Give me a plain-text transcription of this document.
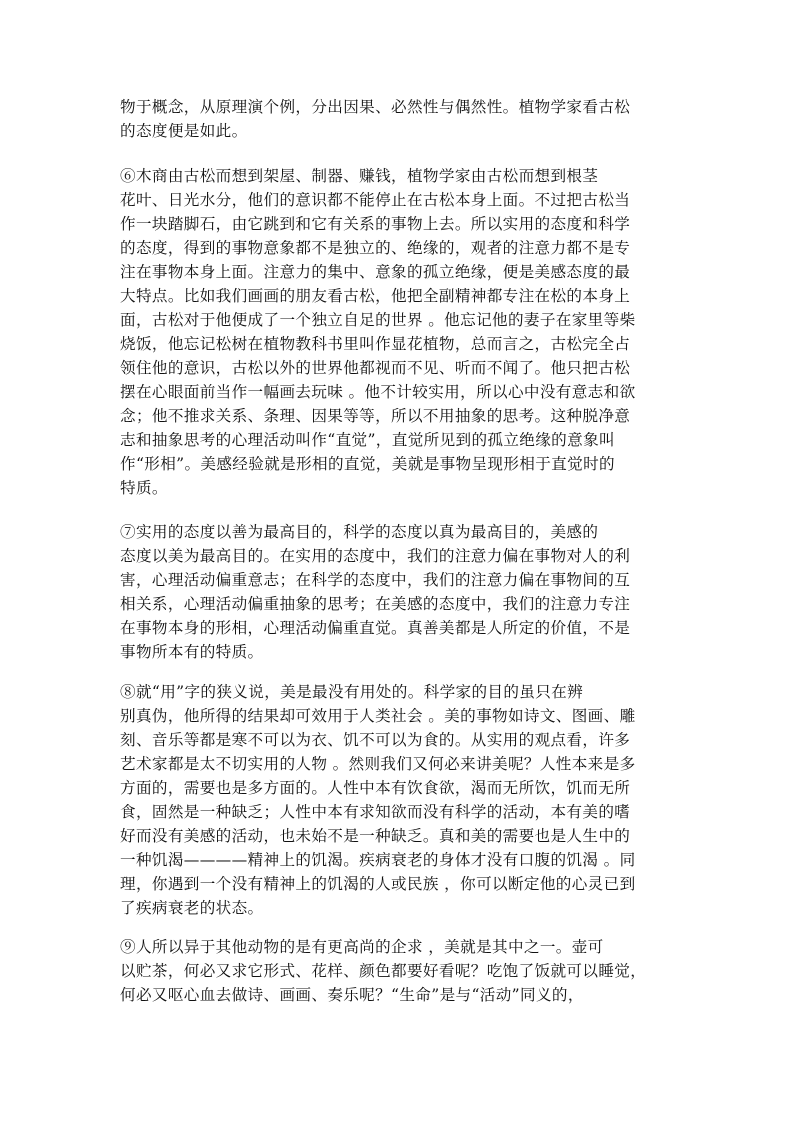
物于概念，从原理演个例，分出因果、必然性与偶然性。植物学家看古松
的态度便是如此。
⑥木商由古松而想到架屋、制器、赚钱，植物学家由古松而想到根茎
花叶、日光水分，他们的意识都不能停止在古松本身上面。不过把古松当
作一块踏脚石，由它跳到和它有关系的事物上去。所以实用的态度和科学
的态度，得到的事物意象都不是独立的、绝缘的，观者的注意力都不是专
注在事物本身上面。注意力的集中、意象的孤立绝缘，便是美感态度的最
大特点。比如我们画画的朋友看古松，他把全副精神都专注在松的本身上
面，古松对于他便成了一个独立自足的世界 。他忘记他的妻子在家里等柴
烧饭，他忘记松树在植物教科书里叫作显花植物，总而言之，古松完全占
领住他的意识，古松以外的世界他都视而不见、听而不闻了。他只把古松
摆在心眼面前当作一幅画去玩味 。他不计较实用，所以心中没有意志和欲
念；他不推求关系、条理、因果等等，所以不用抽象的思考。这种脱净意
志和抽象思考的心理活动叫作“直觉”，直觉所见到的孤立绝缘的意象叫
作“形相”。美感经验就是形相的直觉，美就是事物呈现形相于直觉时的
特质。
⑦实用的态度以善为最高目的，科学的态度以真为最高目的，美感的
态度以美为最高目的。在实用的态度中，我们的注意力偏在事物对人的利
害，心理活动偏重意志；在科学的态度中，我们的注意力偏在事物间的互
相关系，心理活动偏重抽象的思考；在美感的态度中，我们的注意力专注
在事物本身的形相，心理活动偏重直觉。真善美都是人所定的价值，不是
事物所本有的特质。
⑧就“用”字的狭义说，美是最没有用处的。科学家的目的虽只在辨
别真伪，他所得的结果却可效用于人类社会 。美的事物如诗文、图画、雕
刻、音乐等都是寒不可以为衣、饥不可以为食的。从实用的观点看，许多
艺术家都是太不切实用的人物 。然则我们又何必来讲美呢？人性本来是多
方面的，需要也是多方面的。人性中本有饮食欲，渴而无所饮，饥而无所
食，固然是一种缺乏；人性中本有求知欲而没有科学的活动，本有美的嗜
好而没有美感的活动，也未始不是一种缺乏。真和美的需要也是人生中的
一种饥渴————精神上的饥渴。疾病衰老的身体才没有口腹的饥渴 。同
理，你遇到一个没有精神上的饥渴的人或民族 ，你可以断定他的心灵已到
了疾病衰老的状态。
⑨人所以异于其他动物的是有更高尚的企求 ，美就是其中之一。壶可
以贮茶，何必又求它形式、花样、颜色都要好看呢？吃饱了饭就可以睡觉，
何必又呕心血去做诗、画画、奏乐呢？“生命”是与“活动”同义的，
